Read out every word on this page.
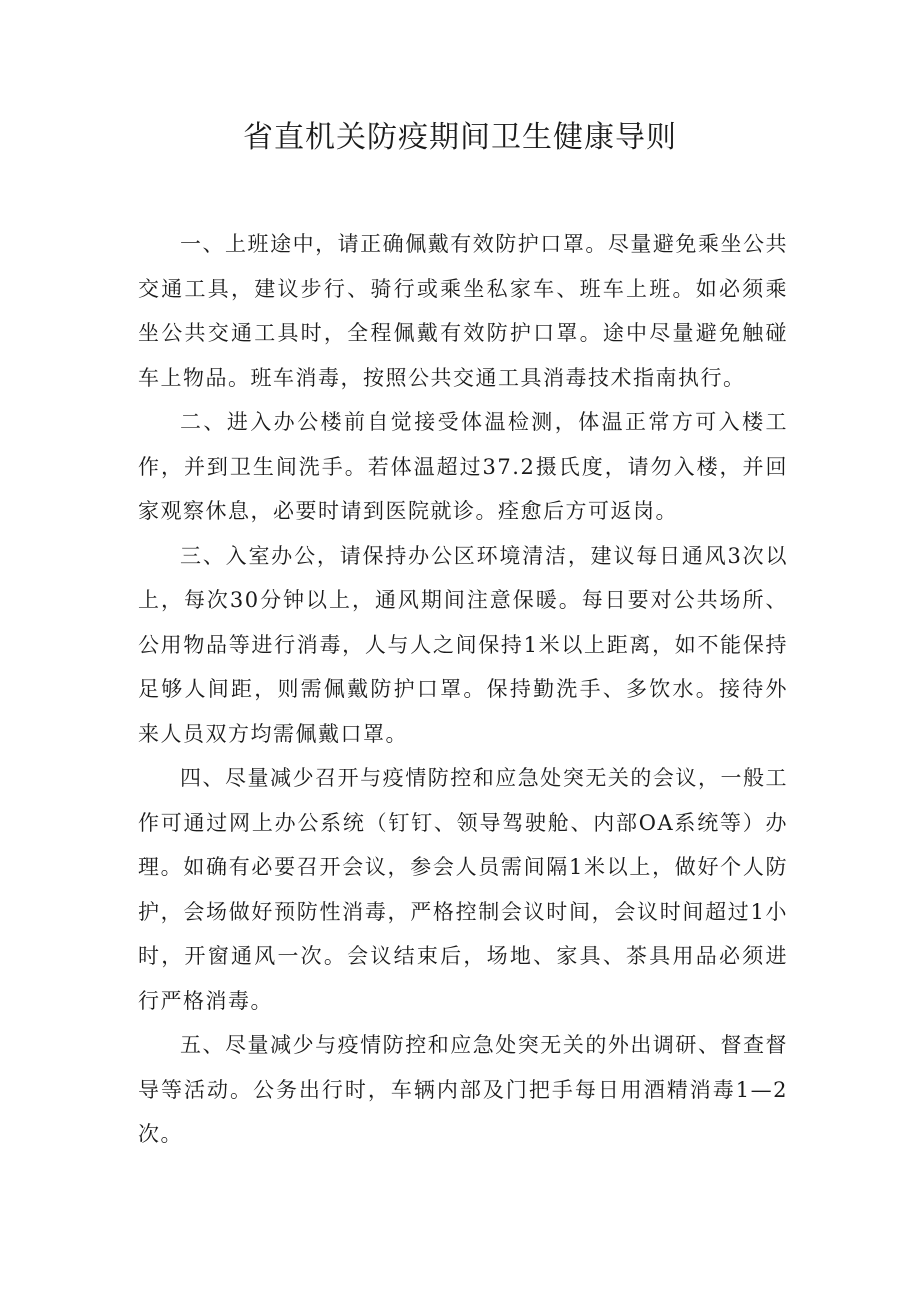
省直机关防疫期间卫生健康导则

一、上班途中，请正确佩戴有效防护口罩。尽量避免乘坐公共交通工具，建议步行、骑行或乘坐私家车、班车上班。如必须乘坐公共交通工具时，全程佩戴有效防护口罩。途中尽量避免触碰车上物品。班车消毒，按照公共交通工具消毒技术指南执行。

二、进入办公楼前自觉接受体温检测，体温正常方可入楼工作，并到卫生间洗手。若体温超过37.2摄氏度，请勿入楼，并回家观察休息，必要时请到医院就诊。痊愈后方可返岗。

三、入室办公，请保持办公区环境清洁，建议每日通风3次以上，每次30分钟以上，通风期间注意保暖。每日要对公共场所、公用物品等进行消毒，人与人之间保持1米以上距离，如不能保持足够人间距，则需佩戴防护口罩。保持勤洗手、多饮水。接待外来人员双方均需佩戴口罩。

四、尽量减少召开与疫情防控和应急处突无关的会议，一般工作可通过网上办公系统（钉钉、领导驾驶舱、内部OA系统等）办理。如确有必要召开会议，参会人员需间隔1米以上，做好个人防护，会场做好预防性消毒，严格控制会议时间，会议时间超过1小时，开窗通风一次。会议结束后，场地、家具、茶具用品必须进行严格消毒。

五、尽量减少与疫情防控和应急处突无关的外出调研、督查督导等活动。公务出行时，车辆内部及门把手每日用酒精消毒1—2次。
